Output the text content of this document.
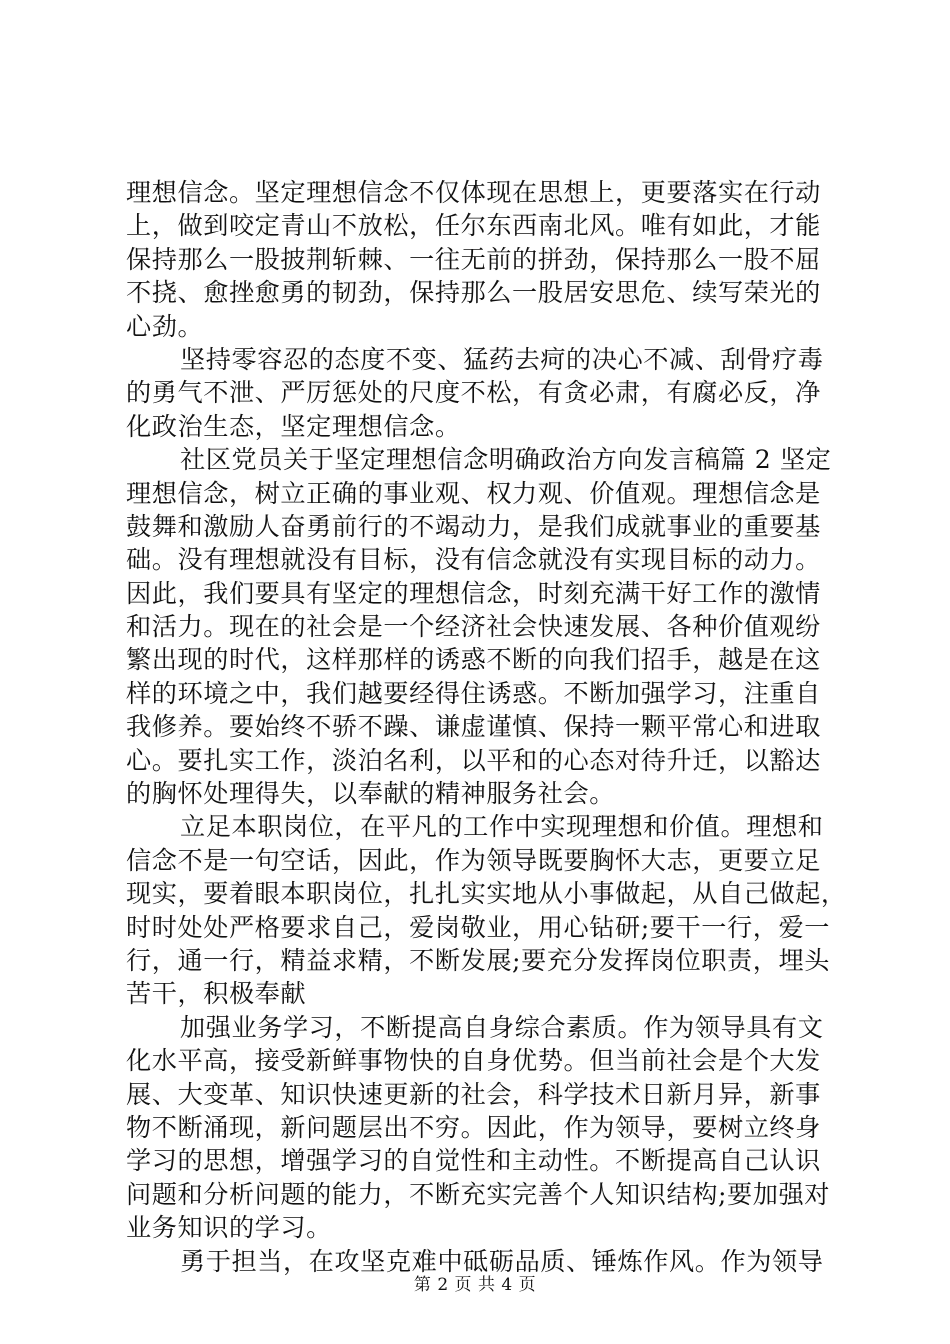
理想信念。坚定理想信念不仅体现在思想上，更要落实在行动
上，做到咬定青山不放松，任尔东西南北风。唯有如此，才能
保持那么一股披荆斩棘、一往无前的拼劲，保持那么一股不屈
不挠、愈挫愈勇的韧劲，保持那么一股居安思危、续写荣光的
心劲。
坚持零容忍的态度不变、猛药去疴的决心不减、刮骨疗毒
的勇气不泄、严厉惩处的尺度不松，有贪必肃，有腐必反，净
化政治生态，坚定理想信念。
社区党员关于坚定理想信念明确政治方向发言稿篇 2 坚定
理想信念，树立正确的事业观、权力观、价值观。理想信念是
鼓舞和激励人奋勇前行的不竭动力，是我们成就事业的重要基
础。没有理想就没有目标，没有信念就没有实现目标的动力。
因此，我们要具有坚定的理想信念，时刻充满干好工作的激情
和活力。现在的社会是一个经济社会快速发展、各种价值观纷
繁出现的时代，这样那样的诱惑不断的向我们招手，越是在这
样的环境之中，我们越要经得住诱惑。不断加强学习，注重自
我修养。要始终不骄不躁、谦虚谨慎、保持一颗平常心和进取
心。要扎实工作，淡泊名利，以平和的心态对待升迁，以豁达
的胸怀处理得失，以奉献的精神服务社会。
立足本职岗位，在平凡的工作中实现理想和价值。理想和
信念不是一句空话，因此，作为领导既要胸怀大志，更要立足
现实，要着眼本职岗位，扎扎实实地从小事做起，从自己做起，
时时处处严格要求自己，爱岗敬业，用心钻研;要干一行，爱一
行，通一行，精益求精，不断发展;要充分发挥岗位职责，埋头
苦干，积极奉献
加强业务学习，不断提高自身综合素质。作为领导具有文
化水平高，接受新鲜事物快的自身优势。但当前社会是个大发
展、大变革、知识快速更新的社会，科学技术日新月异，新事
物不断涌现，新问题层出不穷。因此，作为领导，要树立终身
学习的思想，增强学习的自觉性和主动性。不断提高自己认识
问题和分析问题的能力，不断充实完善个人知识结构;要加强对
业务知识的学习。
勇于担当，在攻坚克难中砥砺品质、锤炼作风。作为领导
第 2 页 共 4 页
